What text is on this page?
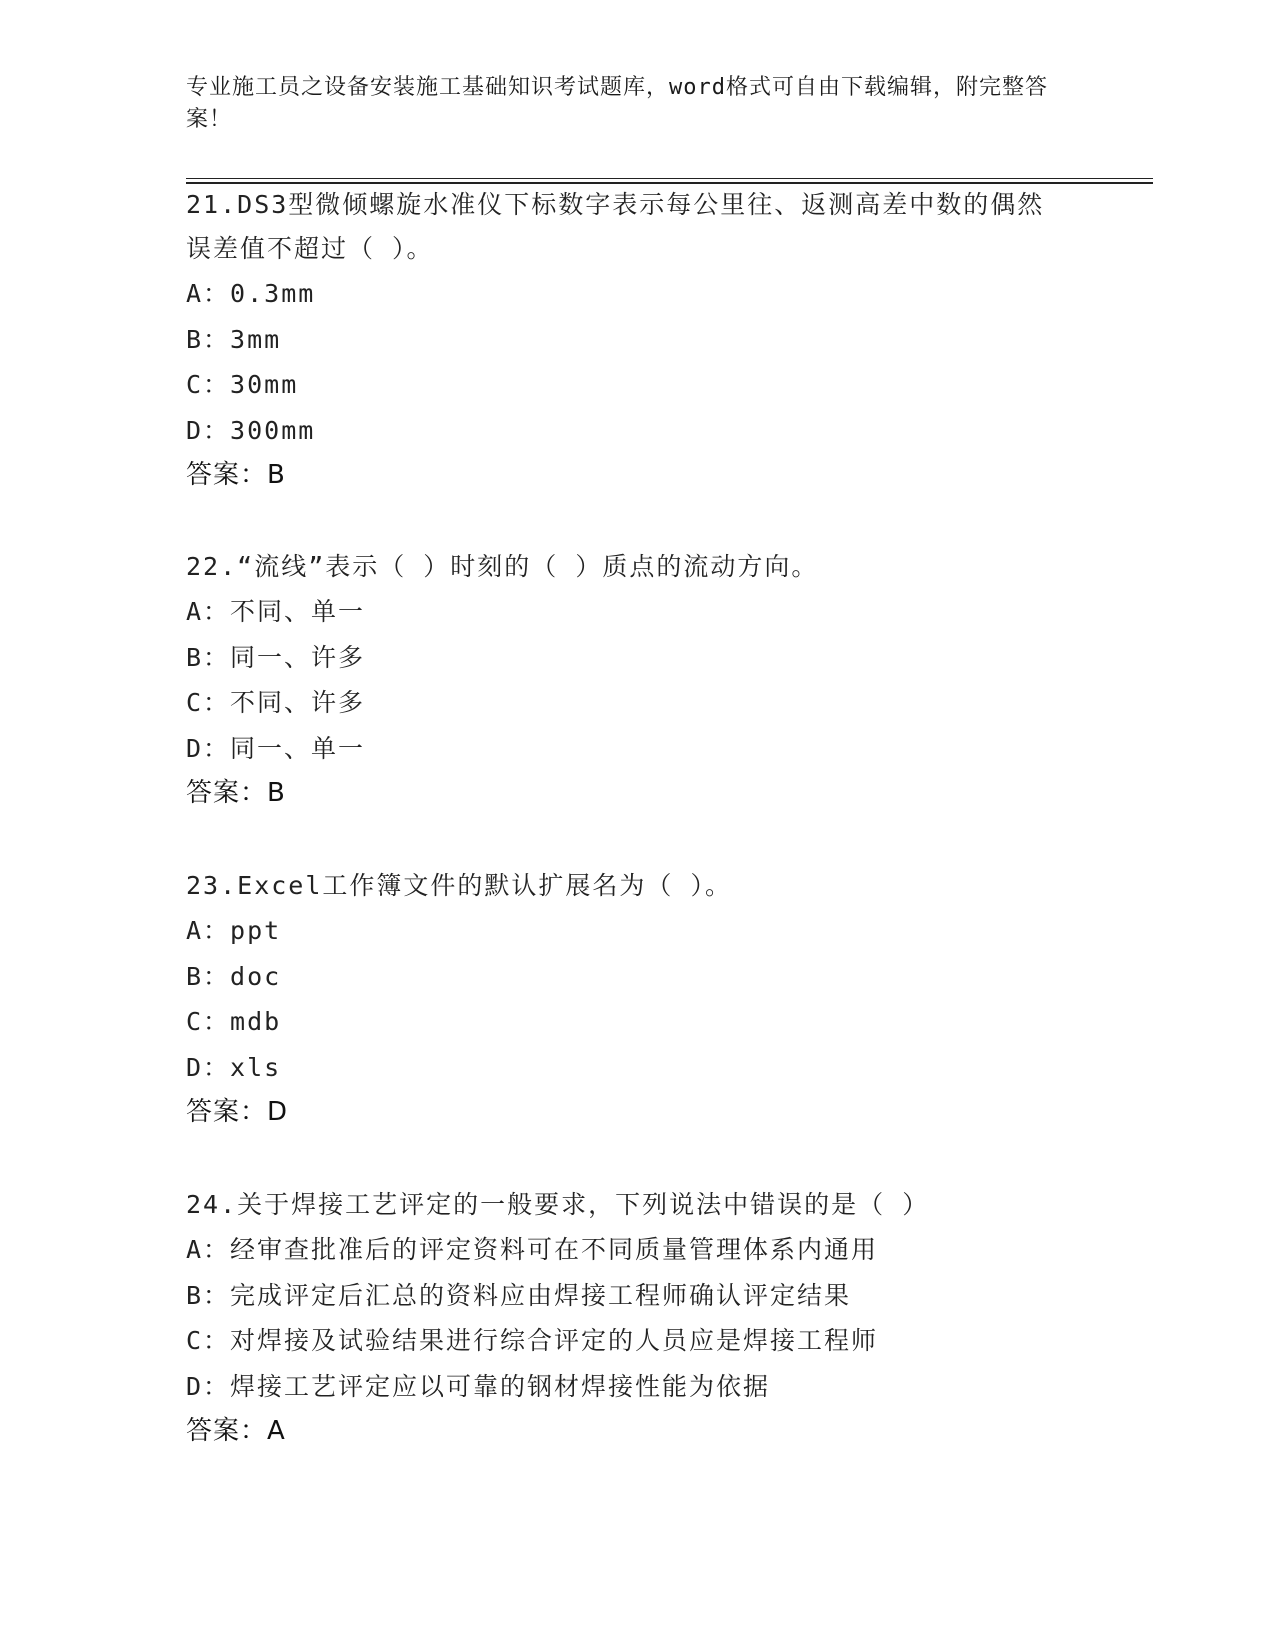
专业施工员之设备安装施工基础知识考试题库，word格式可自由下载编辑，附完整答案！

21.DS3型微倾螺旋水准仪下标数字表示每公里往、返测高差中数的偶然误差值不超过（ ）。

A：0.3mm

B：3mm

C：30mm

D：300mm

答案：B

22.“流线”表示（ ）时刻的（ ）质点的流动方向。

A：不同、单一

B：同一、许多

C：不同、许多

D：同一、单一

答案：B

23.Excel工作簿文件的默认扩展名为（ ）。

A：ppt

B：doc

C：mdb

D：xls

答案：D

24.关于焊接工艺评定的一般要求，下列说法中错误的是（ ）

A：经审查批准后的评定资料可在不同质量管理体系内通用

B：完成评定后汇总的资料应由焊接工程师确认评定结果

C：对焊接及试验结果进行综合评定的人员应是焊接工程师

D：焊接工艺评定应以可靠的钢材焊接性能为依据

答案：A
